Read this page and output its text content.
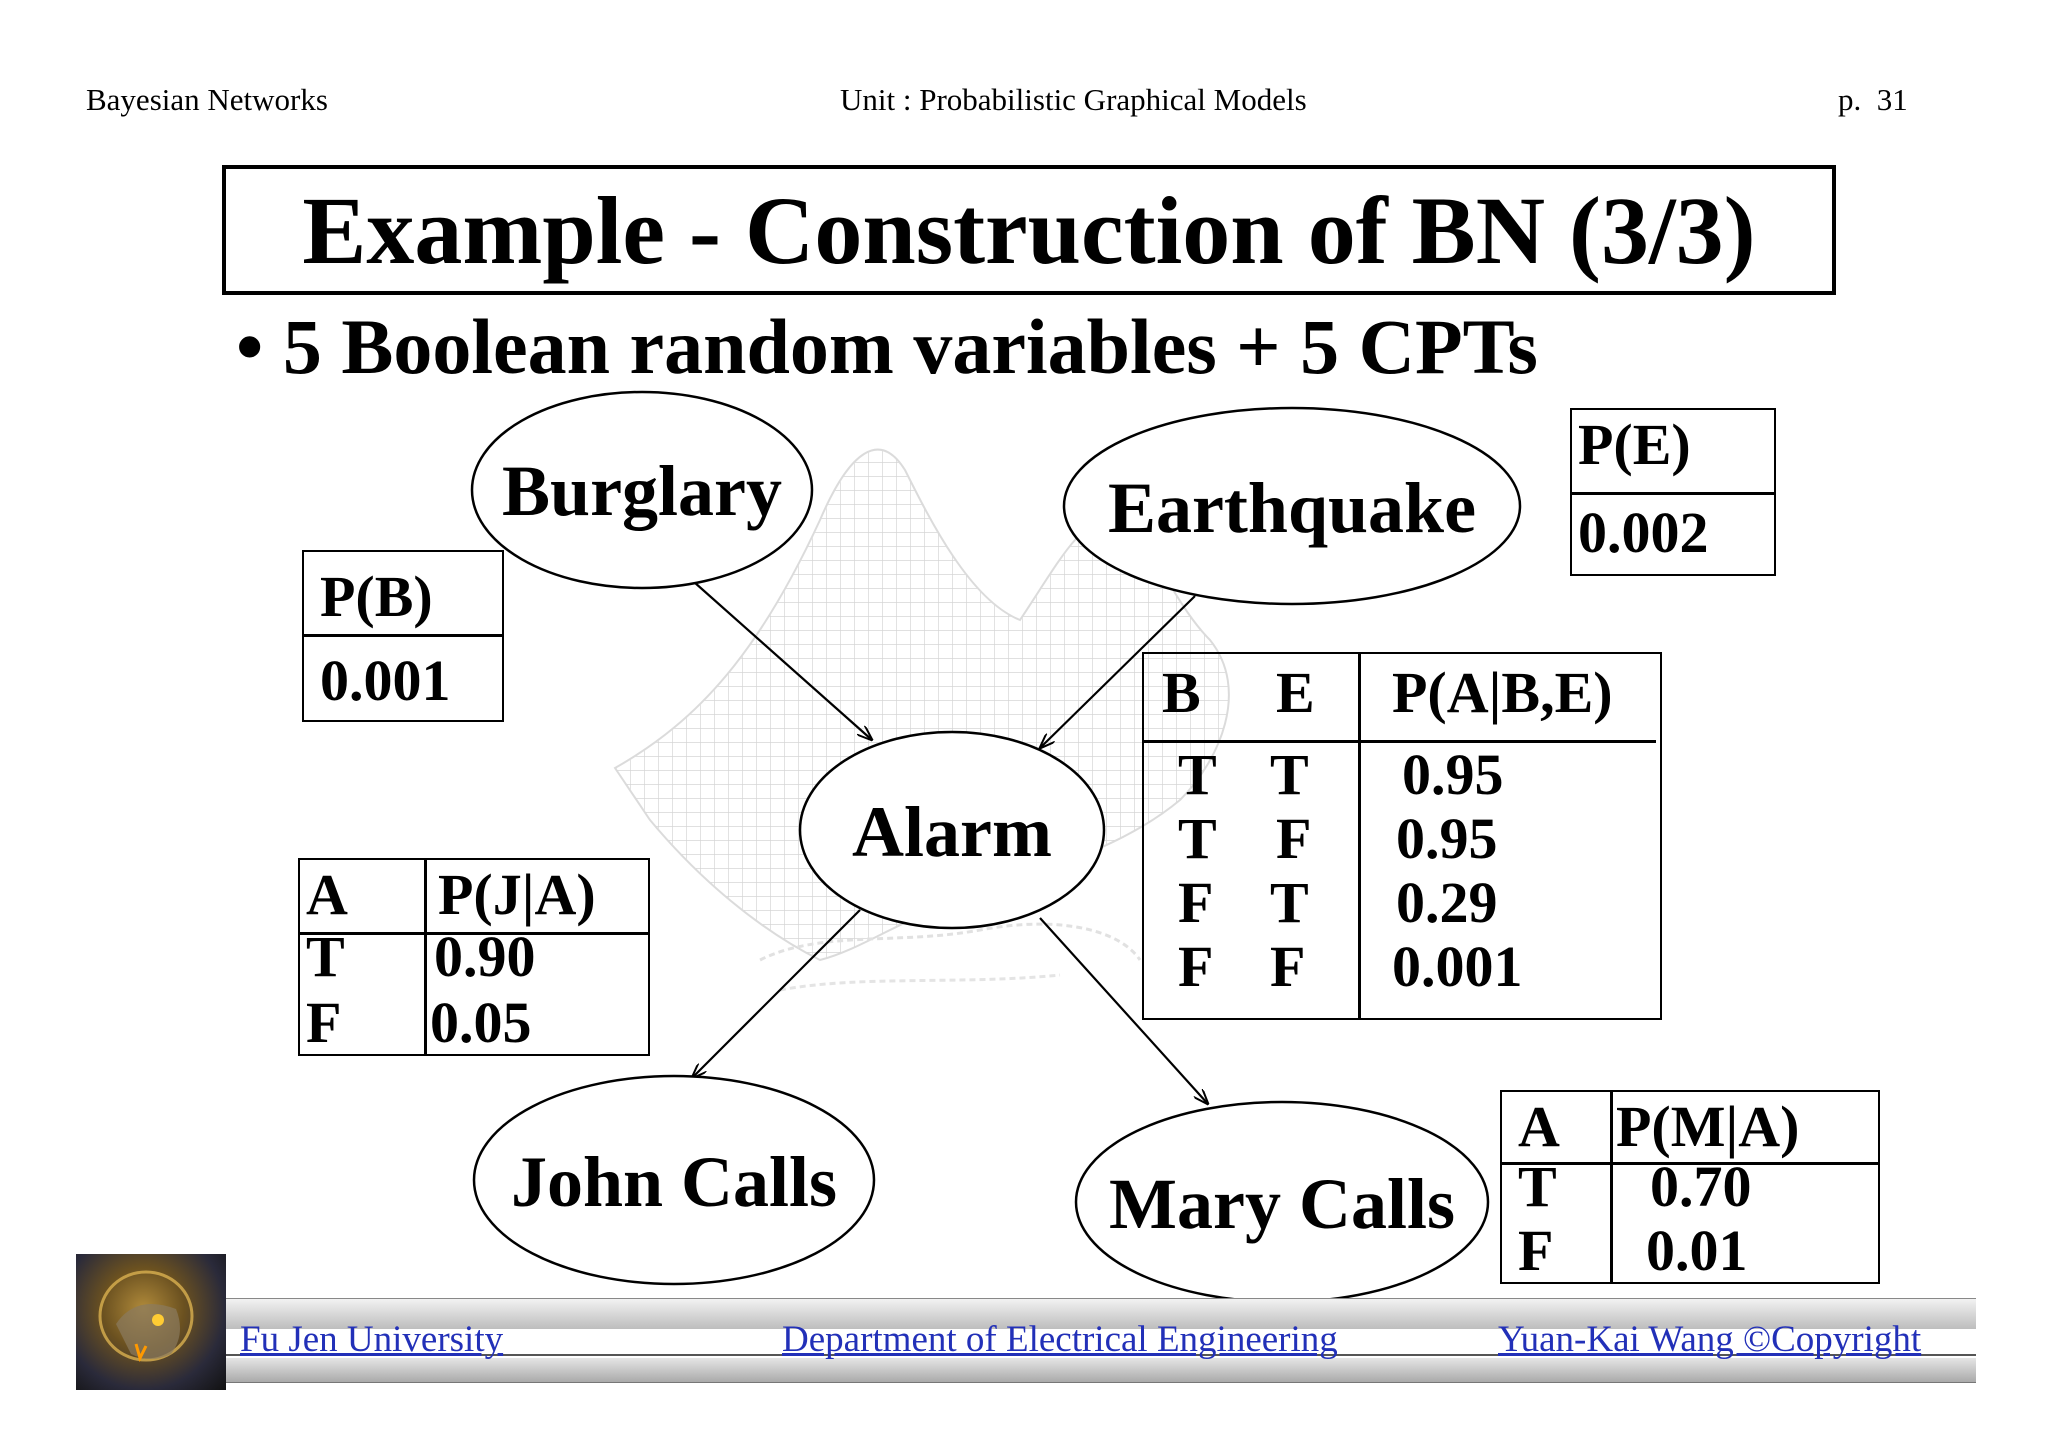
Bayesian Networks	Unit : Probabilistic Graphical Models	p.  31
Example - Construction of BN (3/3)
• 5 Boolean random variables + 5 CPTs
Burglary	Earthquake
Alarm
John Calls	Mary Calls
P(B)
0.001
P(E)
0.002
B E P(A|B,E)
T T 0.95
T F 0.95
F T 0.29
F F 0.001
A P(J|A)
T 0.90
F 0.05
A P(M|A)
T 0.70
F 0.01
Fu Jen University	Department of Electrical Engineering	Yuan-Kai Wang ©Copyright
